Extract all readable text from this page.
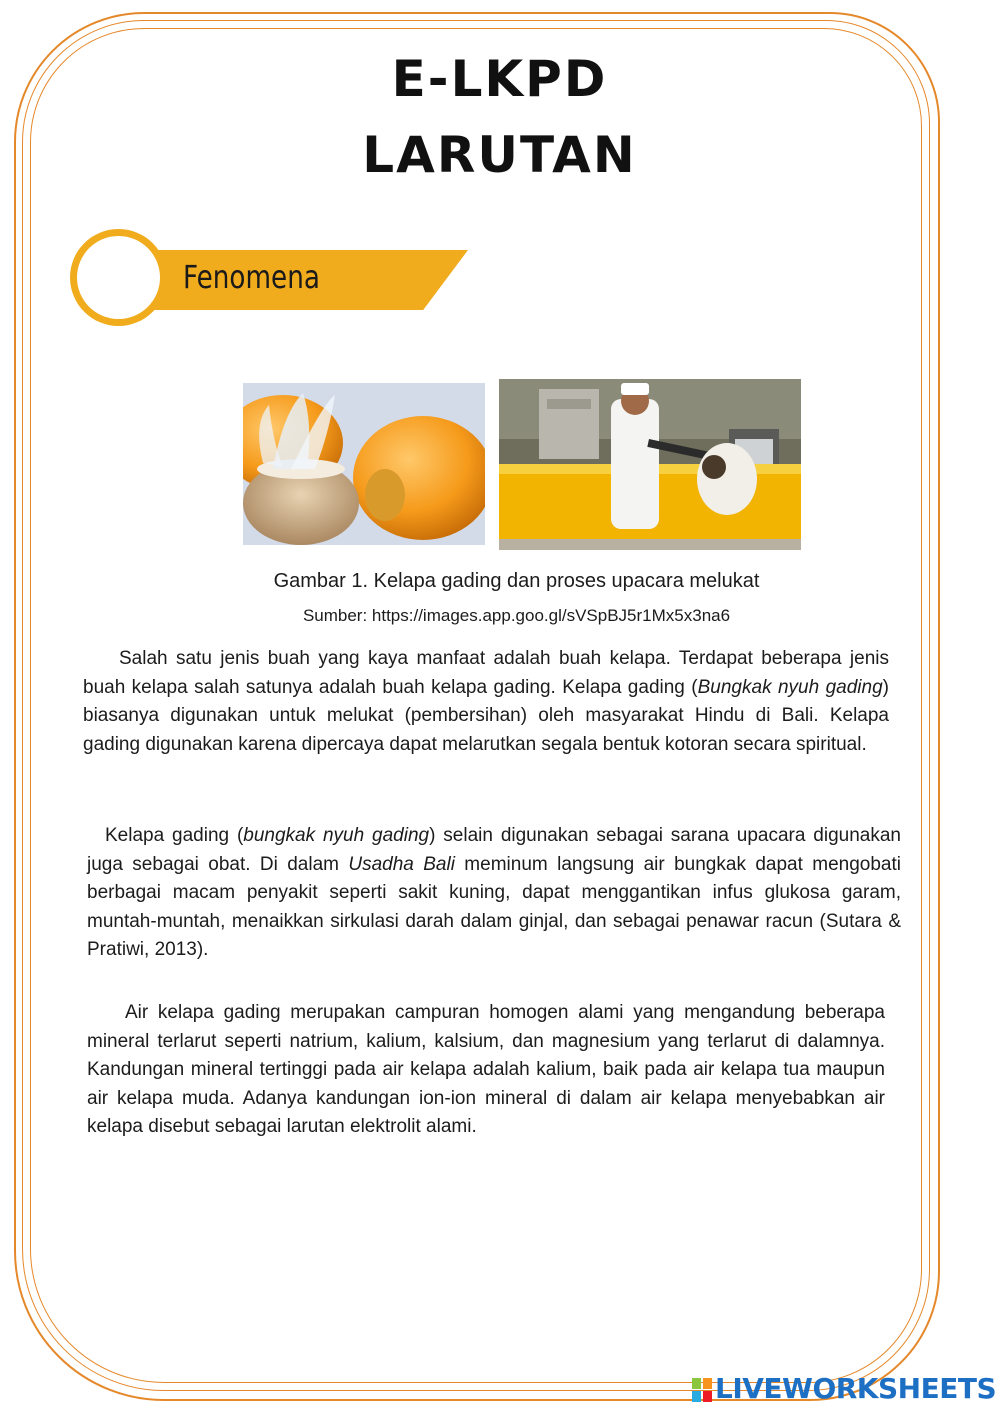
E-LKPD
LARUTAN
Fenomena
Gambar 1. Kelapa gading dan proses upacara melukat
Sumber: https://images.app.goo.gl/sVSpBJ5r1Mx5x3na6

Salah satu jenis buah yang kaya manfaat adalah buah kelapa. Terdapat beberapa jenis buah kelapa salah satunya adalah buah kelapa gading. Kelapa gading (Bungkak nyuh gading) biasanya digunakan untuk melukat (pembersihan) oleh masyarakat Hindu di Bali. Kelapa gading digunakan karena dipercaya dapat melarutkan segala bentuk kotoran secara spiritual.

Kelapa gading (bungkak nyuh gading) selain digunakan sebagai sarana upacara digunakan juga sebagai obat. Di dalam Usadha Bali meminum langsung air bungkak dapat mengobati berbagai macam penyakit seperti sakit kuning, dapat menggantikan infus glukosa garam, muntah-muntah, menaikkan sirkulasi darah dalam ginjal, dan sebagai penawar racun (Sutara & Pratiwi, 2013).

Air kelapa gading merupakan campuran homogen alami yang mengandung beberapa mineral terlarut seperti natrium, kalium, kalsium, dan magnesium yang terlarut di dalamnya. Kandungan mineral tertinggi pada air kelapa adalah kalium, baik pada air kelapa tua maupun air kelapa muda. Adanya kandungan ion-ion mineral di dalam air kelapa menyebabkan air kelapa disebut sebagai larutan elektrolit alami.

LIVEWORKSHEETS
